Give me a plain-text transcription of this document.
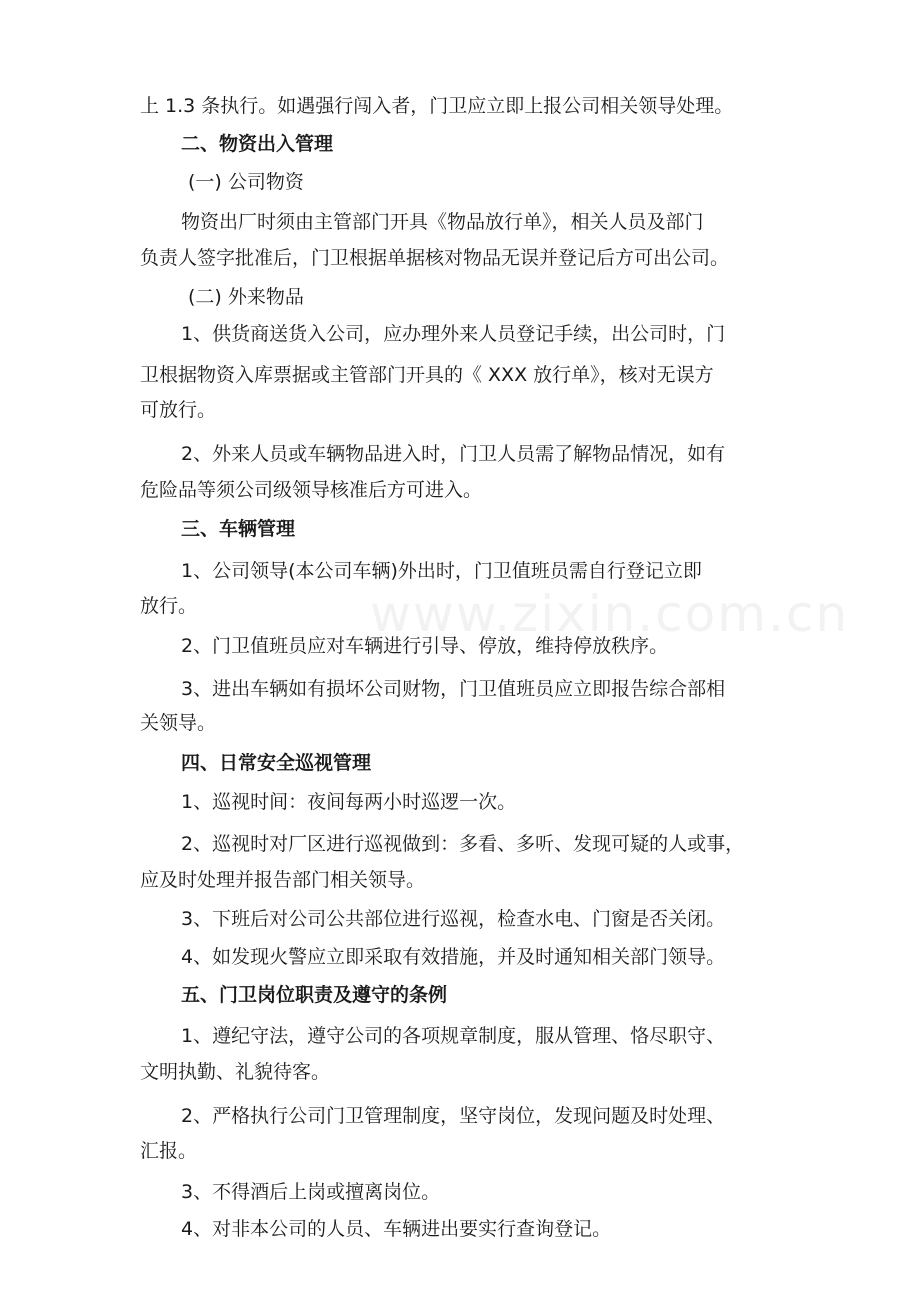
www.zixin.com.cn

上 1.3 条执行。如遇强行闯入者，门卫应立即上报公司相关领导处理。

二、物资出入管理

(一) 公司物资

物资出厂时须由主管部门开具《物品放行单》，相关人员及部门

负责人签字批准后，门卫根据单据核对物品无误并登记后方可出公司。

(二) 外来物品

1、供货商送货入公司，应办理外来人员登记手续，出公司时，门

卫根据物资入库票据或主管部门开具的《 XXX 放行单》，核对无误方

可放行。

2、外来人员或车辆物品进入时，门卫人员需了解物品情况，如有

危险品等须公司级领导核准后方可进入。

三、车辆管理

1、公司领导(本公司车辆)外出时，门卫值班员需自行登记立即

放行。

2、门卫值班员应对车辆进行引导、停放，维持停放秩序。

3、进出车辆如有损坏公司财物，门卫值班员应立即报告综合部相

关领导。

四、日常安全巡视管理

1、巡视时间：夜间每两小时巡逻一次。

2、巡视时对厂区进行巡视做到：多看、多听、发现可疑的人或事，

应及时处理并报告部门相关领导。

3、下班后对公司公共部位进行巡视，检查水电、门窗是否关闭。

4、如发现火警应立即采取有效措施，并及时通知相关部门领导。

五、门卫岗位职责及遵守的条例

1、遵纪守法，遵守公司的各项规章制度，服从管理、恪尽职守、

文明执勤、礼貌待客。

2、严格执行公司门卫管理制度，坚守岗位，发现问题及时处理、

汇报。

3、不得酒后上岗或擅离岗位。

4、对非本公司的人员、车辆进出要实行查询登记。
